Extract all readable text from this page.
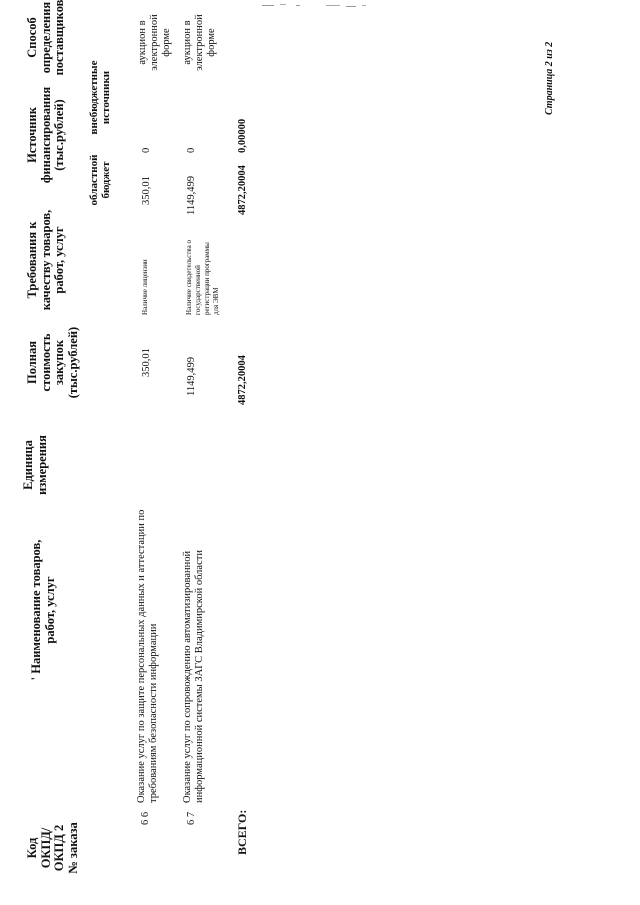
Код ОКПД/ ОКПД 2 № заказа
' Наименование товаров, работ, услуг
Единица измерения
Полная стоимость закупок (тыс.рублей)
Требования к качеству товаров, работ, услуг
Источник финансирования (тыс.рублей)
областной бюджет
внебюджетные источники
Способ определения поставщиков
6 6
Оказание услуг по защите персональных данных и аттестации по требованиям безопасности информации
350,01
Наличие лицензии
350,01
0
аукцион в электронной форме
6 7
Оказание услуг по сопровождению автоматизированной информационной системы ЗАГС Владимирской области
1149,499
Наличие свидетельства о государственной регистрации программы для ЭВМ
1149,499
0
аукцион в электронной форме
ВСЕГО:
4872,20004
4872,20004
0,00000
Страница 2 из 2
